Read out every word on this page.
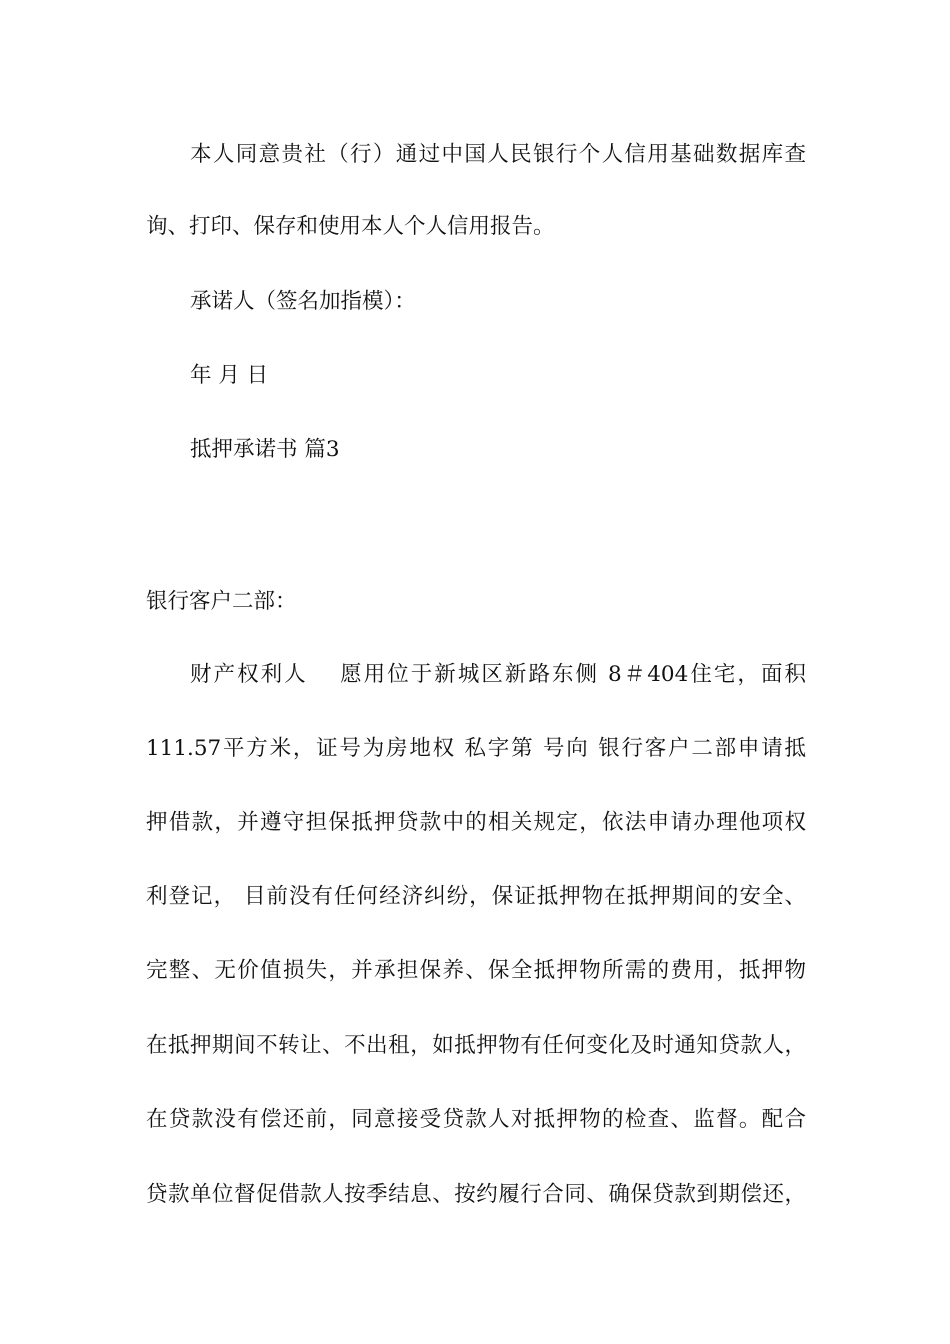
本人同意贵社（行）通过中国人民银行个人信用基础数据库查
询、打印、保存和使用本人个人信用报告。
承诺人（签名加指模）：
年 月 日
抵押承诺书 篇3
银行客户二部：
财产权利人　 愿用位于新城区新路东侧 8＃404住宅，面积
111.57平方米，证号为房地权 私字第 号向 银行客户二部申请抵
押借款，并遵守担保抵押贷款中的相关规定，依法申请办理他项权
利登记， 目前没有任何经济纠纷，保证抵押物在抵押期间的安全、
完整、无价值损失，并承担保养、保全抵押物所需的费用，抵押物
在抵押期间不转让、不出租，如抵押物有任何变化及时通知贷款人，
在贷款没有偿还前，同意接受贷款人对抵押物的检查、监督。配合
贷款单位督促借款人按季结息、按约履行合同、确保贷款到期偿还，
